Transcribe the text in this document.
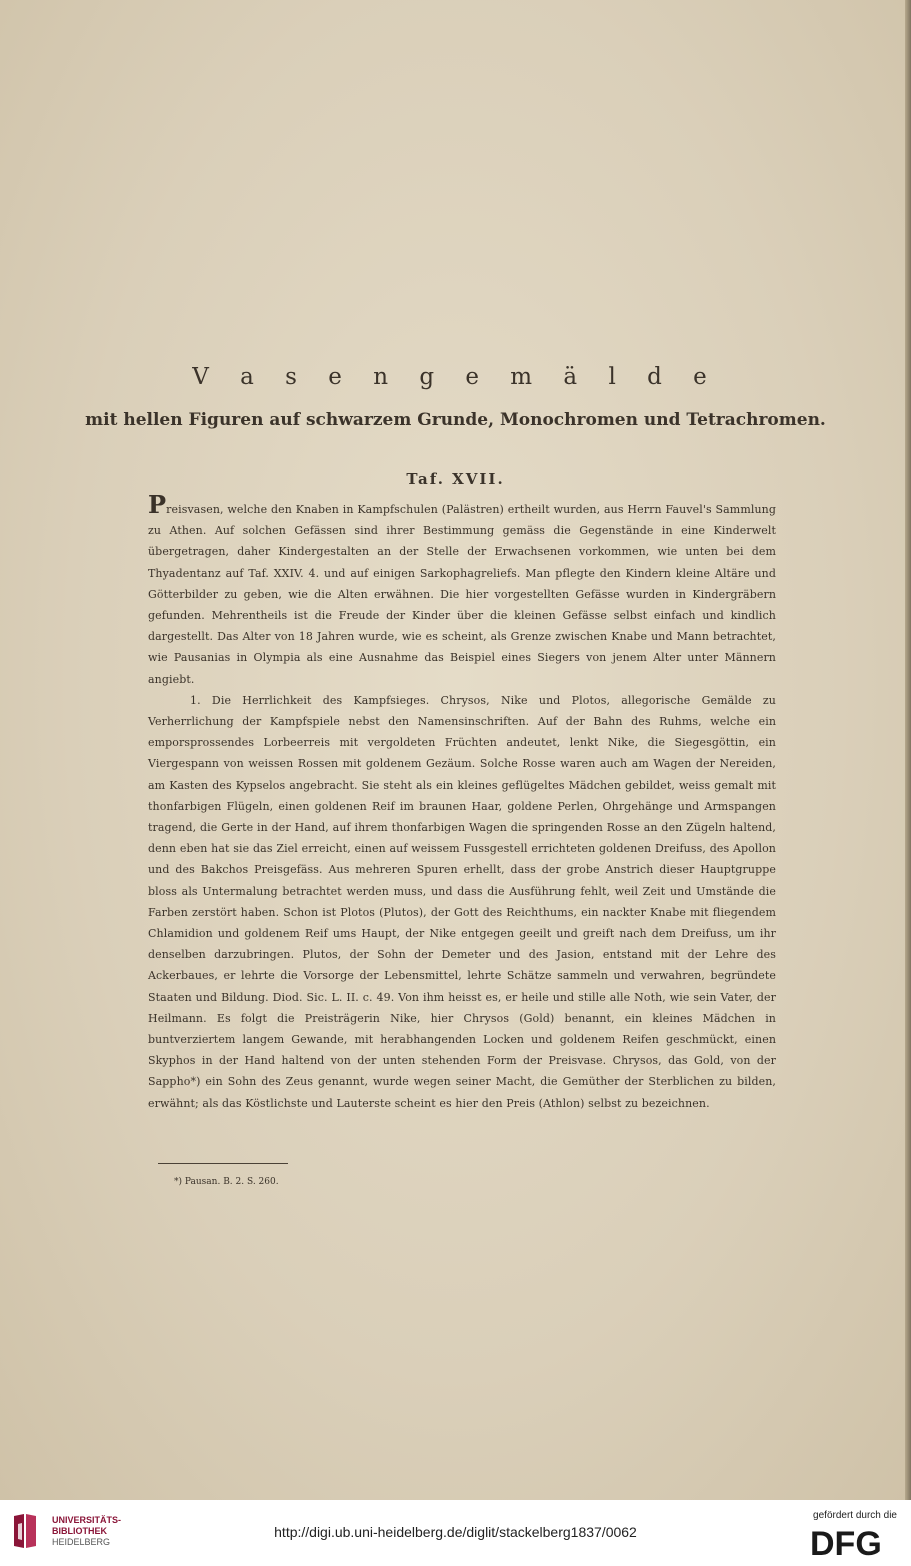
V a s e n g e m ä l d e
mit hellen Figuren auf schwarzem Grunde, Monochromen und Tetrachromen.
Taf. XVII.

Preisvasen, welche den Knaben in Kampfschulen (Palästren) ertheilt wurden, aus Herrn Fauvel's Sammlung zu Athen. Auf solchen Gefässen sind ihrer Bestimmung gemäss die Gegenstände in eine Kinderwelt übergetragen, daher Kindergestalten an der Stelle der Erwachsenen vorkommen, wie unten bei dem Thyadentanz auf Taf. XXIV. 4. und auf einigen Sarkophagreliefs. Man pflegte den Kindern kleine Altäre und Götterbilder zu geben, wie die Alten erwähnen. Die hier vorgestellten Gefässe wurden in Kindergräbern gefunden. Mehrentheils ist die Freude der Kinder über die kleinen Gefässe selbst einfach und kindlich dargestellt. Das Alter von 18 Jahren wurde, wie es scheint, als Grenze zwischen Knabe und Mann betrachtet, wie Pausanias in Olympia als eine Ausnahme das Beispiel eines Siegers von jenem Alter unter Männern angiebt.

1. Die Herrlichkeit des Kampfsieges. Chrysos, Nike und Plotos, allegorische Gemälde zu Verherrlichung der Kampfspiele nebst den Namensinschriften. Auf der Bahn des Ruhms, welche ein emporsprossendes Lorbeerreis mit vergoldeten Früchten andeutet, lenkt Nike, die Siegesgöttin, ein Viergespann von weissen Rossen mit goldenem Gezäum. Solche Rosse waren auch am Wagen der Nereiden, am Kasten des Kypselos angebracht. Sie steht als ein kleines geflügeltes Mädchen gebildet, weiss gemalt mit thonfarbigen Flügeln, einen goldenen Reif im braunen Haar, goldene Perlen, Ohrgehänge und Armspangen tragend, die Gerte in der Hand, auf ihrem thonfarbigen Wagen die springenden Rosse an den Zügeln haltend, denn eben hat sie das Ziel erreicht, einen auf weissem Fussgestell errichteten goldenen Dreifuss, des Apollon und des Bakchos Preisgefäss. Aus mehreren Spuren erhellt, dass der grobe Anstrich dieser Hauptgruppe bloss als Untermalung betrachtet werden muss, und dass die Ausführung fehlt, weil Zeit und Umstände die Farben zerstört haben. Schon ist Plotos (Plutos), der Gott des Reichthums, ein nackter Knabe mit fliegendem Chlamidion und goldenem Reif ums Haupt, der Nike entgegen geeilt und greift nach dem Dreifuss, um ihr denselben darzubringen. Plutos, der Sohn der Demeter und des Jasion, entstand mit der Lehre des Ackerbaues, er lehrte die Vorsorge der Lebensmittel, lehrte Schätze sammeln und verwahren, begründete Staaten und Bildung. Diod. Sic. L. II. c. 49. Von ihm heisst es, er heile und stille alle Noth, wie sein Vater, der Heilmann. Es folgt die Preisträgerin Nike, hier Chrysos (Gold) benannt, ein kleines Mädchen in buntverziertem langem Gewande, mit herabhangenden Locken und goldenem Reifen geschmückt, einen Skyphos in der Hand haltend von der unten stehenden Form der Preisvase. Chrysos, das Gold, von der Sappho*) ein Sohn des Zeus genannt, wurde wegen seiner Macht, die Gemüther der Sterblichen zu bilden, erwähnt; als das Köstlichste und Lauterste scheint es hier den Preis (Athlon) selbst zu bezeichnen.

*) Pausan. B. 2. S. 260.
UNIVERSITÄTS-
BIBLIOTHEK
HEIDELBERG
http://digi.ub.uni-heidelberg.de/diglit/stackelberg1837/0062
gefördert durch die
DFG
